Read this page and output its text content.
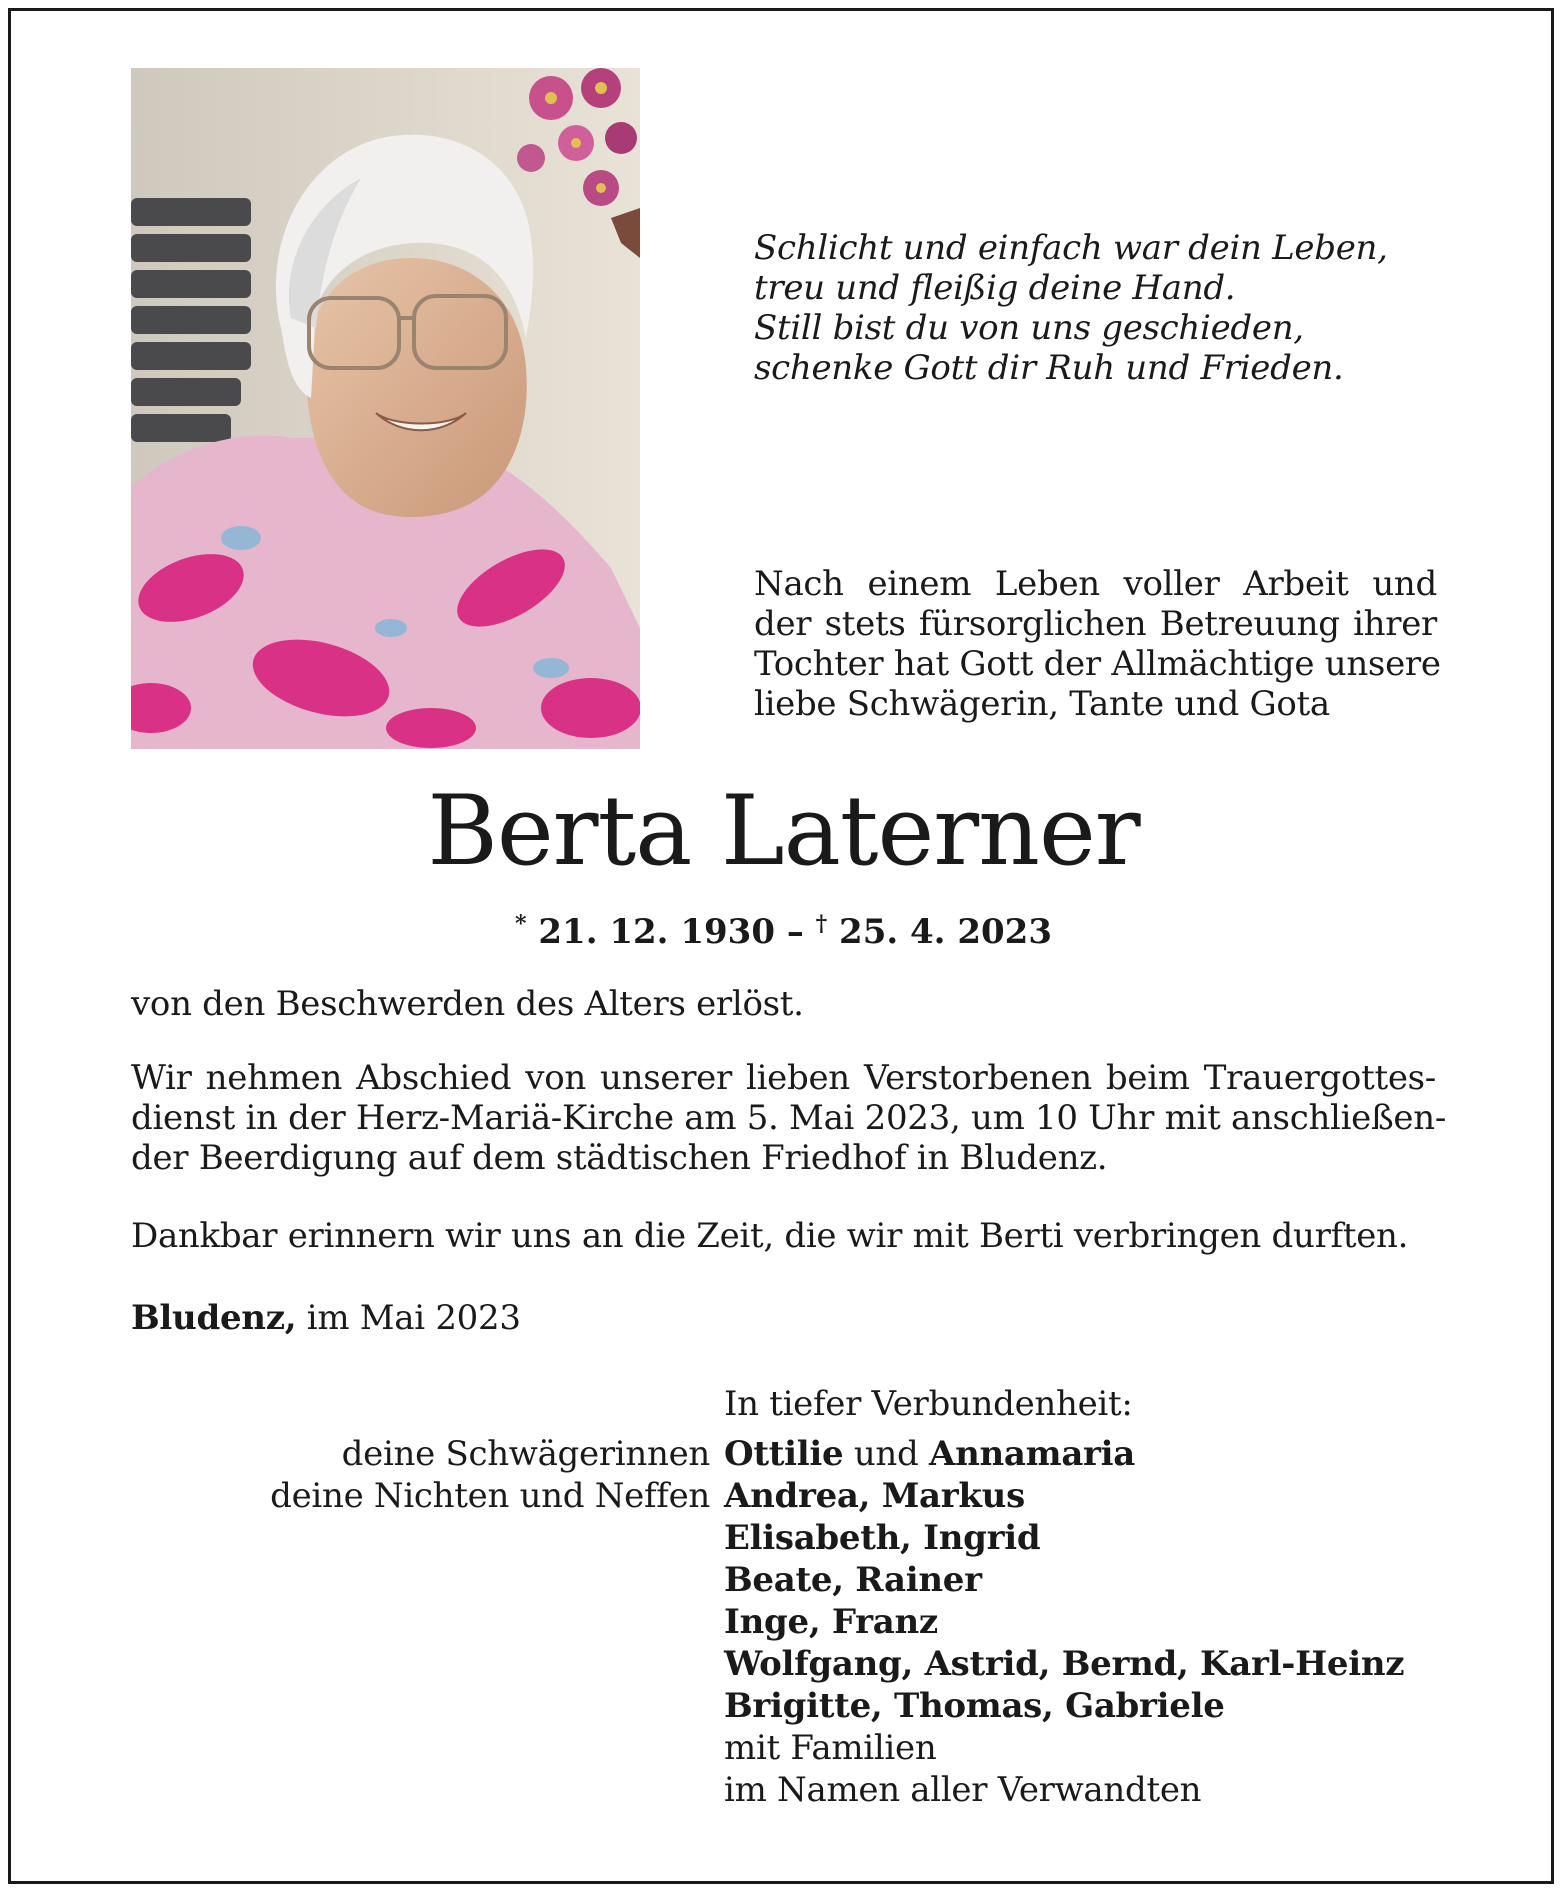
Schlicht und einfach war dein Leben,
treu und fleißig deine Hand.
Still bist du von uns geschieden,
schenke Gott dir Ruh und Frieden.
Nach einem Leben voller Arbeit und
der stets fürsorglichen Betreuung ihrer
Tochter hat Gott der Allmächtige unsere
liebe Schwägerin, Tante und Gota
Berta Laterner
* 21. 12. 1930 – † 25. 4. 2023
von den Beschwerden des Alters erlöst.
Wir nehmen Abschied von unserer lieben Verstorbenen beim Trauergottes-
dienst in der Herz-Mariä-Kirche am 5. Mai 2023, um 10 Uhr mit anschließen-
der Beerdigung auf dem städtischen Friedhof in Bludenz.
Dankbar erinnern wir uns an die Zeit, die wir mit Berti verbringen durften.
Bludenz, im Mai 2023
In tiefer Verbundenheit:
deine Schwägerinnen
deine Nichten und Neffen
Ottilie und Annamaria
Andrea, Markus
Elisabeth, Ingrid
Beate, Rainer
Inge, Franz
Wolfgang, Astrid, Bernd, Karl-Heinz
Brigitte, Thomas, Gabriele
mit Familien
im Namen aller Verwandten
